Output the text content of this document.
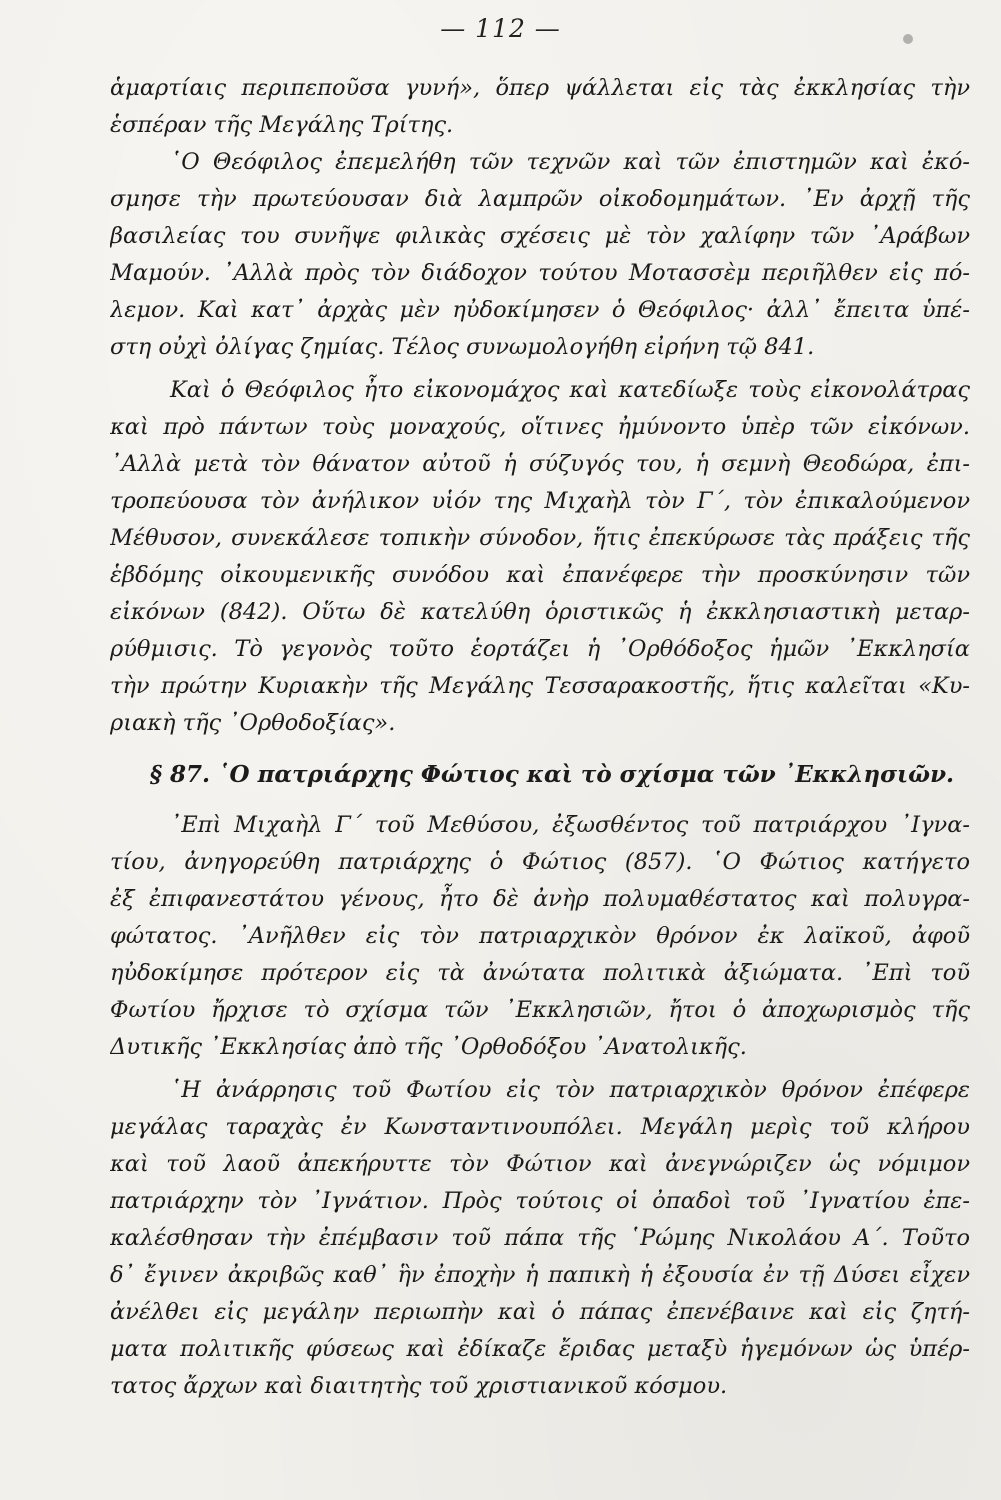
— 112 —
ἁμαρτίαις περιπεποῦσα γυνή», ὅπερ ψάλλεται εἰς τὰς ἐκκλησίας τὴν
ἑσπέραν τῆς Μεγάλης Τρίτης.
῾Ο Θεόφιλος ἐπεμελήθη τῶν τεχνῶν καὶ τῶν ἐπιστημῶν καὶ ἐκό-
σμησε τὴν πρωτεύουσαν διὰ λαμπρῶν οἰκοδομημάτων. ᾿Εν ἀρχῇ τῆς
βασιλείας του συνῆψε φιλικὰς σχέσεις μὲ τὸν χαλίφην τῶν ᾿Αράβων
Μαμούν. ᾿Αλλὰ πρὸς τὸν διάδοχον τούτου Μοτασσὲμ περιῆλθεν εἰς πό-
λεμον. Καὶ κατ᾿ ἀρχὰς μὲν ηὐδοκίμησεν ὁ Θεόφιλος· ἀλλ᾿ ἔπειτα ὑπέ-
στη οὐχὶ ὀλίγας ζημίας. Τέλος συνωμολογήθη εἰρήνη τῷ 841.
Καὶ ὁ Θεόφιλος ἦτο εἰκονομάχος καὶ κατεδίωξε τοὺς εἰκονολάτρας
καὶ πρὸ πάντων τοὺς μοναχούς, οἵτινες ἠμύνοντο ὑπὲρ τῶν εἰκόνων.
᾿Αλλὰ μετὰ τὸν θάνατον αὐτοῦ ἡ σύζυγός του, ἡ σεμνὴ Θεοδώρα, ἐπι-
τροπεύουσα τὸν ἀνήλικον υἱόν της Μιχαὴλ τὸν Γ΄, τὸν ἐπικαλούμενον
Μέθυσον, συνεκάλεσε τοπικὴν σύνοδον, ἥτις ἐπεκύρωσε τὰς πράξεις τῆς
ἑβδόμης οἰκουμενικῆς συνόδου καὶ ἐπανέφερε τὴν προσκύνησιν τῶν
εἰκόνων (842). Οὕτω δὲ κατελύθη ὁριστικῶς ἡ ἐκκλησιαστικὴ μεταρ-
ρύθμισις. Τὸ γεγονὸς τοῦτο ἑορτάζει ἡ ᾿Ορθόδοξος ἡμῶν ᾿Εκκλησία
τὴν πρώτην Κυριακὴν τῆς Μεγάλης Τεσσαρακοστῆς, ἥτις καλεῖται «Κυ-
ριακὴ τῆς ᾿Ορθοδοξίας».
§ 87. ῾Ο πατριάρχης Φώτιος καὶ τὸ σχίσμα τῶν ᾿Εκκλησιῶν.
᾿Επὶ Μιχαὴλ Γ΄ τοῦ Μεθύσου, ἐξωσθέντος τοῦ πατριάρχου ᾿Ιγνα-
τίου, ἀνηγορεύθη πατριάρχης ὁ Φώτιος (857). ῾Ο Φώτιος κατήγετο
ἐξ ἐπιφανεστάτου γένους, ἦτο δὲ ἀνὴρ πολυμαθέστατος καὶ πολυγρα-
φώτατος. ᾿Ανῆλθεν εἰς τὸν πατριαρχικὸν θρόνον ἐκ λαϊκοῦ, ἀφοῦ
ηὐδοκίμησε πρότερον εἰς τὰ ἀνώτατα πολιτικὰ ἀξιώματα. ᾿Επὶ τοῦ
Φωτίου ἤρχισε τὸ σχίσμα τῶν ᾿Εκκλησιῶν, ἤτοι ὁ ἀποχωρισμὸς τῆς
Δυτικῆς ᾿Εκκλησίας ἀπὸ τῆς ᾿Ορθοδόξου ᾿Ανατολικῆς.
῾Η ἀνάρρησις τοῦ Φωτίου εἰς τὸν πατριαρχικὸν θρόνον ἐπέφερε
μεγάλας ταραχὰς ἐν Κωνσταντινουπόλει. Μεγάλη μερὶς τοῦ κλήρου
καὶ τοῦ λαοῦ ἀπεκήρυττε τὸν Φώτιον καὶ ἀνεγνώριζεν ὡς νόμιμον
πατριάρχην τὸν ᾿Ιγνάτιον. Πρὸς τούτοις οἱ ὀπαδοὶ τοῦ ᾿Ιγνατίου ἐπε-
καλέσθησαν τὴν ἐπέμβασιν τοῦ πάπα τῆς ῾Ρώμης Νικολάου Α΄. Τοῦτο
δ᾿ ἔγινεν ἀκριβῶς καθ᾿ ἣν ἐποχὴν ἡ παπικὴ ἡ ἐξουσία ἐν τῇ Δύσει εἶχεν
ἀνέλθει εἰς μεγάλην περιωπὴν καὶ ὁ πάπας ἐπενέβαινε καὶ εἰς ζητή-
ματα πολιτικῆς φύσεως καὶ ἐδίκαζε ἔριδας μεταξὺ ἡγεμόνων ὡς ὑπέρ-
τατος ἄρχων καὶ διαιτητὴς τοῦ χριστιανικοῦ κόσμου.
